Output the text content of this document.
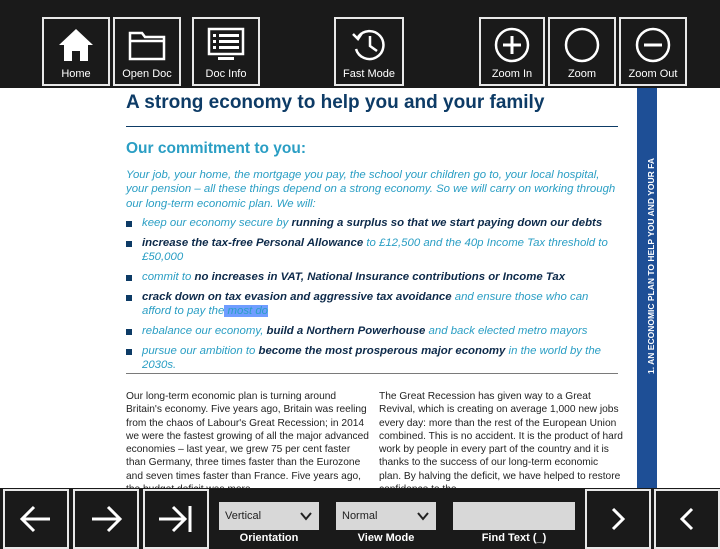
Home	Open Doc	Doc Info	Fast Mode	Zoom In	Zoom	Zoom Out
A strong economy to help you and your family
Our commitment to you:
Your job, your home, the mortgage you pay, the school your children go to, your local hospital, your pension – all these things depend on a strong economy. So we will carry on working through our long-term economic plan. We will:
keep our economy secure by running a surplus so that we start paying down our debts
increase the tax-free Personal Allowance to £12,500 and the 40p Income Tax threshold to £50,000
commit to no increases in VAT, National Insurance contributions or Income Tax
crack down on tax evasion and aggressive tax avoidance and ensure those who can afford to pay the most do
rebalance our economy, build a Northern Powerhouse and back elected metro mayors
pursue our ambition to become the most prosperous major economy in the world by the 2030s.
Our long-term economic plan is turning around Britain's economy. Five years ago, Britain was reeling from the chaos of Labour's Great Recession; in 2014 we were the fastest growing of all the major advanced economies – last year, we grew 75 per cent faster than Germany, three times faster than the Eurozone and seven times faster than France. Five years ago,
The Great Recession has given way to a Great Revival, which is creating on average 1,000 new jobs every day: more than the rest of the European Union combined. This is no accident. It is the product of hard work by people in every part of the country and it is thanks to the success of our long-term economic plan. By halving the deficit, we have helped to restore
1. AN ECONOMIC PLAN TO HELP YOU AND YOUR FA
Vertical
Orientation
Normal
View Mode	Find Text (_)
